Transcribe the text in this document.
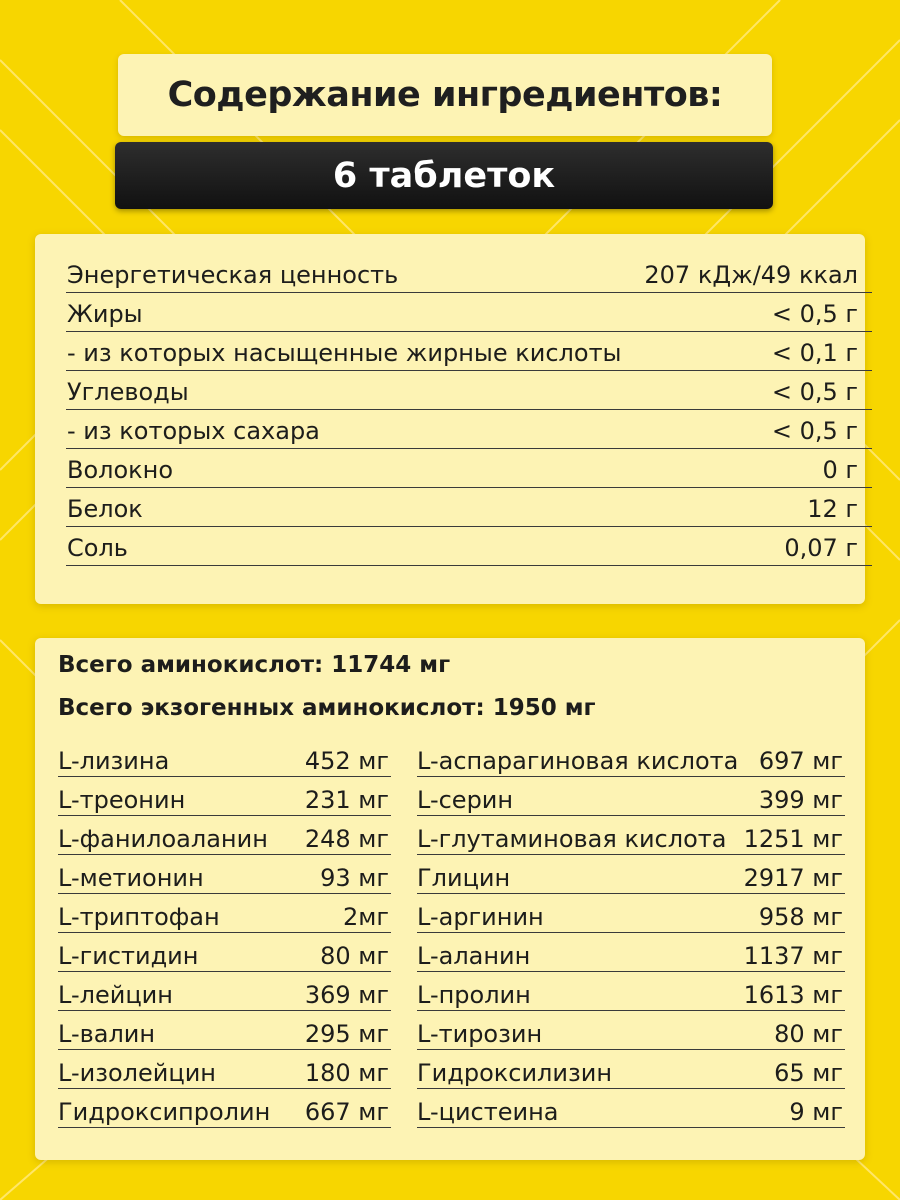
Содержание ингредиентов:
6 таблеток
Энергетическая ценность	207 кДж/49 ккал
Жиры	< 0,5 г
- из которых насыщенные жирные кислоты	< 0,1 г
Углеводы	< 0,5 г
- из которых сахара	< 0,5 г
Волокно	0 г
Белок	12 г
Соль	0,07 г
Всего аминокислот: 11744 мг
Всего экзогенных аминокислот: 1950 мг
L-лизина	452 мг
L-треонин	231 мг
L-фанилоаланин 248 мг
L-метионин	93 мг
L-триптофан	2мг
L-гистидин	80 мг
L-лейцин	369 мг
L-валин	295 мг
L-изолейцин	180 мг
Гидроксипролин 667 мг
L-аспарагиновая кислота 697 мг
L-серин	399 мг
L-глутаминовая кислота 1251 мг
Глицин	2917 мг
L-аргинин	958 мг
L-аланин	1137 мг
L-пролин	1613 мг
L-тирозин	80 мг
Гидроксилизин	65 мг
L-цистеина	9 мг
